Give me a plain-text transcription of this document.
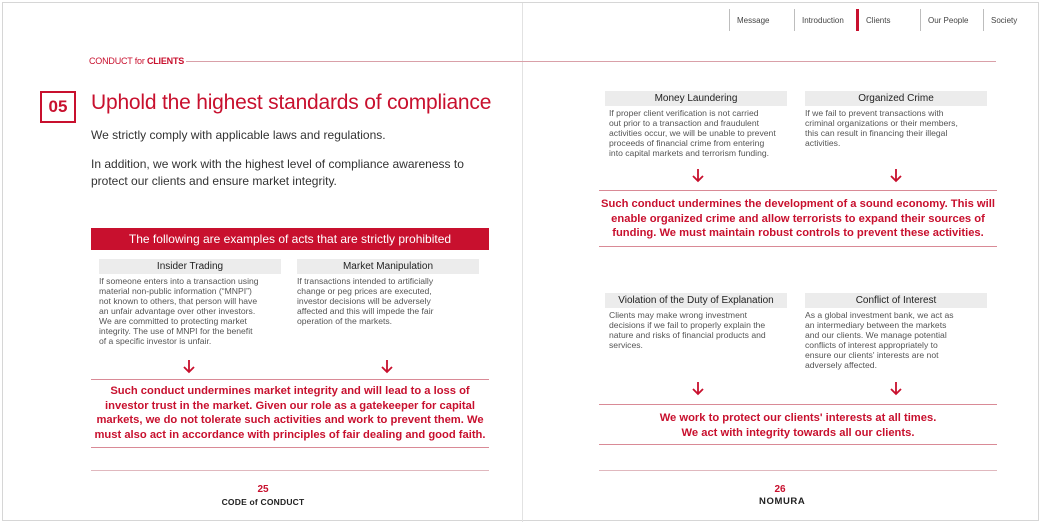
Message	Introduction	Clients	Our People	Society
CONDUCT for CLIENTS
05	Uphold the highest standards of compliance
We strictly comply with applicable laws and regulations.
In addition, we work with the highest level of compliance awareness to
protect our clients and ensure market integrity.
The following are examples of acts that are strictly prohibited
Insider Trading
If someone enters into a transaction using
material non-public information (“MNPI”)
not known to others, that person will have
an unfair advantage over other investors.
We are committed to protecting market
integrity. The use of MNPI for the benefit
of a specific investor is unfair.
Market Manipulation
If transactions intended to artificially
change or peg prices are executed,
investor decisions will be adversely
affected and this will impede the fair
operation of the markets.
Such conduct undermines market integrity and will lead to a loss of
investor trust in the market. Given our role as a gatekeeper for capital
markets, we do not tolerate such activities and work to prevent them. We
must also act in accordance with principles of fair dealing and good faith.
25
CODE of CONDUCT
Money Laundering
If proper client verification is not carried
out prior to a transaction and fraudulent
activities occur, we will be unable to prevent
proceeds of financial crime from entering
into capital markets and terrorism funding.
Organized Crime
If we fail to prevent transactions with
criminal organizations or their members,
this can result in financing their illegal
activities.
Such conduct undermines the development of a sound economy. This will
enable organized crime and allow terrorists to expand their sources of
funding. We must maintain robust controls to prevent these activities.
Violation of the Duty of Explanation
Clients may make wrong investment
decisions if we fail to properly explain the
nature and risks of financial products and
services.
Conflict of Interest
As a global investment bank, we act as
an intermediary between the markets
and our clients. We manage potential
conflicts of interest appropriately to
ensure our clients' interests are not
adversely affected.
We work to protect our clients' interests at all times.
We act with integrity towards all our clients.
26
NOMURA
